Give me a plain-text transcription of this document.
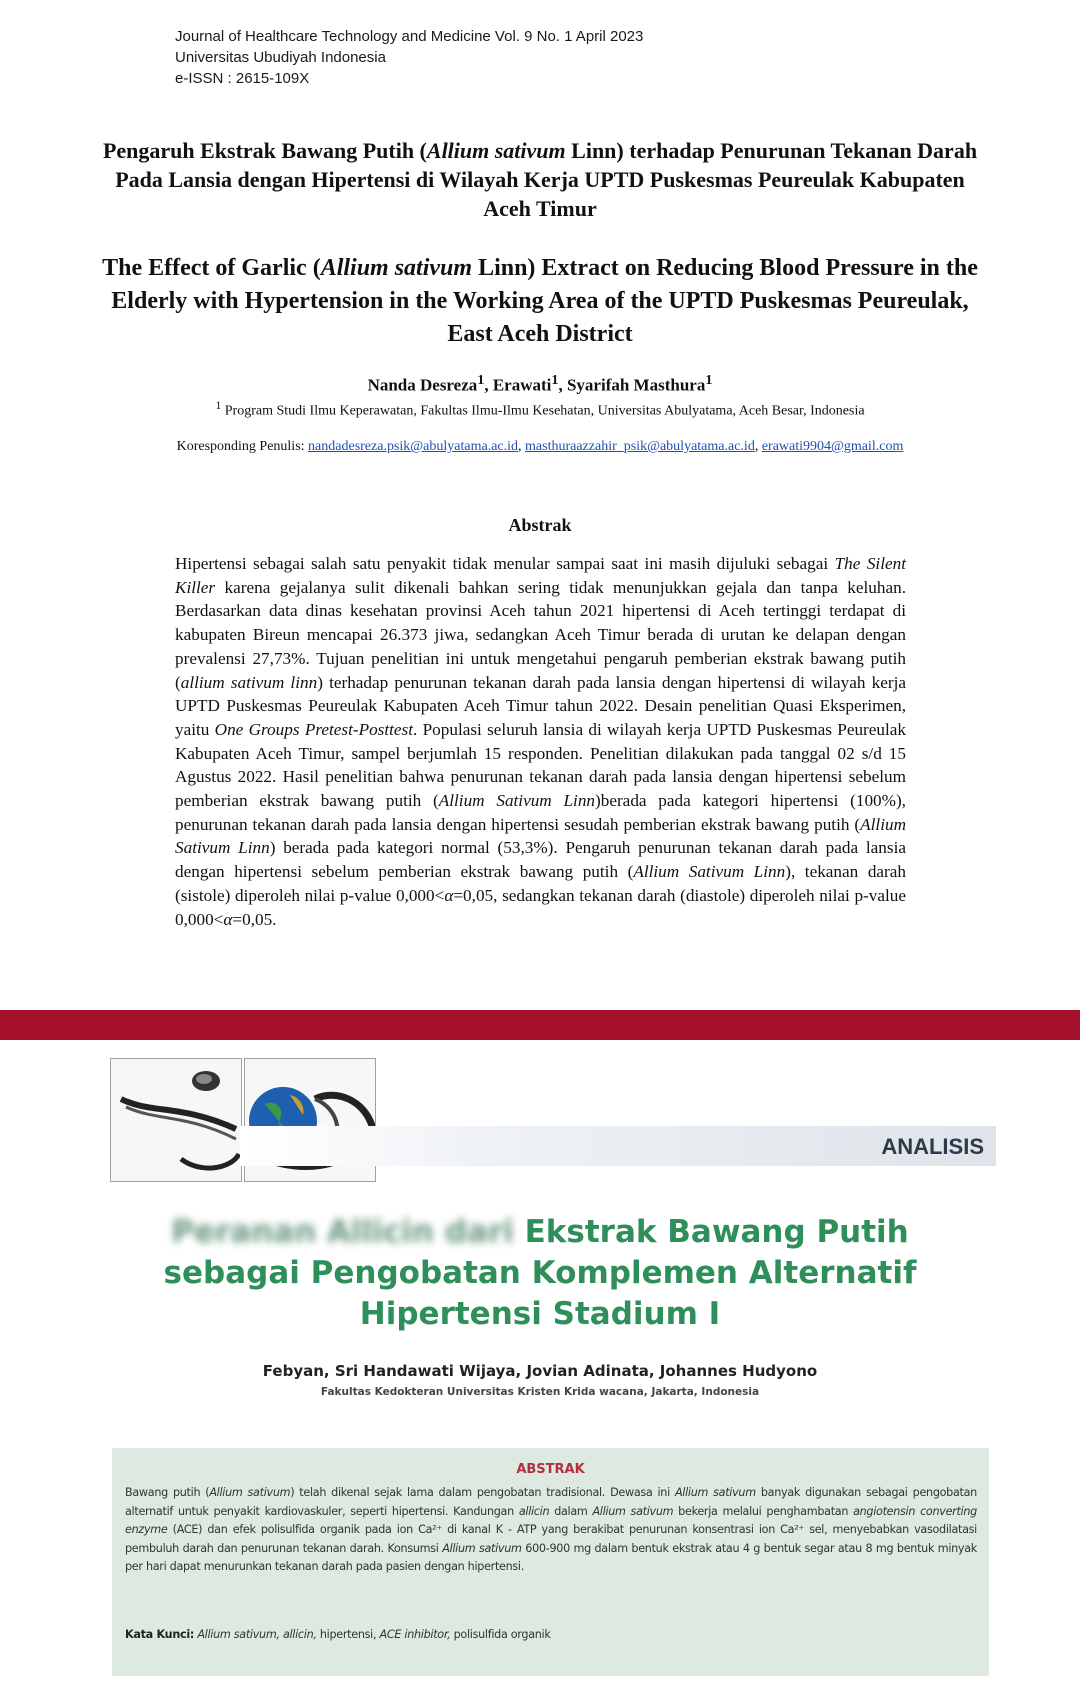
Journal of Healthcare Technology and Medicine Vol. 9 No. 1 April 2023
Universitas Ubudiyah Indonesia
e-ISSN : 2615-109X
Pengaruh Ekstrak Bawang Putih (Allium sativum Linn) terhadap Penurunan Tekanan Darah Pada Lansia dengan Hipertensi di Wilayah Kerja UPTD Puskesmas Peureulak Kabupaten Aceh Timur
The Effect of Garlic (Allium sativum Linn) Extract on Reducing Blood Pressure in the Elderly with Hypertension in the Working Area of the UPTD Puskesmas Peureulak, East Aceh District
Nanda Desreza$^1$, Erawati$^1$, Syarifah Masthura$^1$
$^1$ Program Studi Ilmu Keperawatan, Fakultas Ilmu-Ilmu Kesehatan, Universitas Abulyatama, Aceh Besar, Indonesia
Koresponding Penulis: nandadesreza.psik@abulyatama.ac.id, masthuraazzahir_psik@abulyatama.ac.id, erawati9904@gmail.com
Abstrak
Hipertensi sebagai salah satu penyakit tidak menular sampai saat ini masih dijuluki sebagai The Silent Killer karena gejalanya sulit dikenali bahkan sering tidak menunjukkan gejala dan tanpa keluhan. Berdasarkan data dinas kesehatan provinsi Aceh tahun 2021 hipertensi di Aceh tertinggi terdapat di kabupaten Bireun mencapai 26.373 jiwa, sedangkan Aceh Timur berada di urutan ke delapan dengan prevalensi 27,73%. Tujuan penelitian ini untuk mengetahui pengaruh pemberian ekstrak bawang putih (allium sativum linn) terhadap penurunan tekanan darah pada lansia dengan hipertensi di wilayah kerja UPTD Puskesmas Peureulak Kabupaten Aceh Timur tahun 2022. Desain penelitian Quasi Eksperimen, yaitu One Groups Pretest-Posttest. Populasi seluruh lansia di wilayah kerja UPTD Puskesmas Peureulak Kabupaten Aceh Timur, sampel berjumlah 15 responden. Penelitian dilakukan pada tanggal 02 s/d 15 Agustus 2022. Hasil penelitian bahwa penurunan tekanan darah pada lansia dengan hipertensi sebelum pemberian ekstrak bawang putih (Allium Sativum Linn)berada pada kategori hipertensi (100%), penurunan tekanan darah pada lansia dengan hipertensi sesudah pemberian ekstrak bawang putih (Allium Sativum Linn) berada pada kategori normal (53,3%). Pengaruh penurunan tekanan darah pada lansia dengan hipertensi sebelum pemberian ekstrak bawang putih (Allium Sativum Linn), tekanan darah (sistole) diperoleh nilai p-value 0,000<α=0,05, sedangkan tekanan darah (diastole) diperoleh nilai p-value 0,000<α=0,05.
ANALISIS
Peranan Allicin dari Ekstrak Bawang Putih
sebagai Pengobatan Komplemen Alternatif
Hipertensi Stadium I
Febyan, Sri Handawati Wijaya, Jovian Adinata, Johannes Hudyono
Fakultas Kedokteran Universitas Kristen Krida wacana, Jakarta, Indonesia
ABSTRAK
Bawang putih (Allium sativum) telah dikenal sejak lama dalam pengobatan tradisional. Dewasa ini Allium sativum banyak digunakan sebagai pengobatan alternatif untuk penyakit kardiovaskuler, seperti hipertensi. Kandungan allicin dalam Allium sativum bekerja melalui penghambatan angiotensin converting enzyme (ACE) dan efek polisulfida organik pada ion Ca²⁺ di kanal K - ATP yang berakibat penurunan konsentrasi ion Ca²⁺ sel, menyebabkan vasodilatasi pembuluh darah dan penurunan tekanan darah. Konsumsi Allium sativum 600-900 mg dalam bentuk ekstrak atau 4 g bentuk segar atau 8 mg bentuk minyak per hari dapat menurunkan tekanan darah pada pasien dengan hipertensi.
Kata Kunci: Allium sativum, allicin, hipertensi, ACE inhibitor, polisulfida organik
